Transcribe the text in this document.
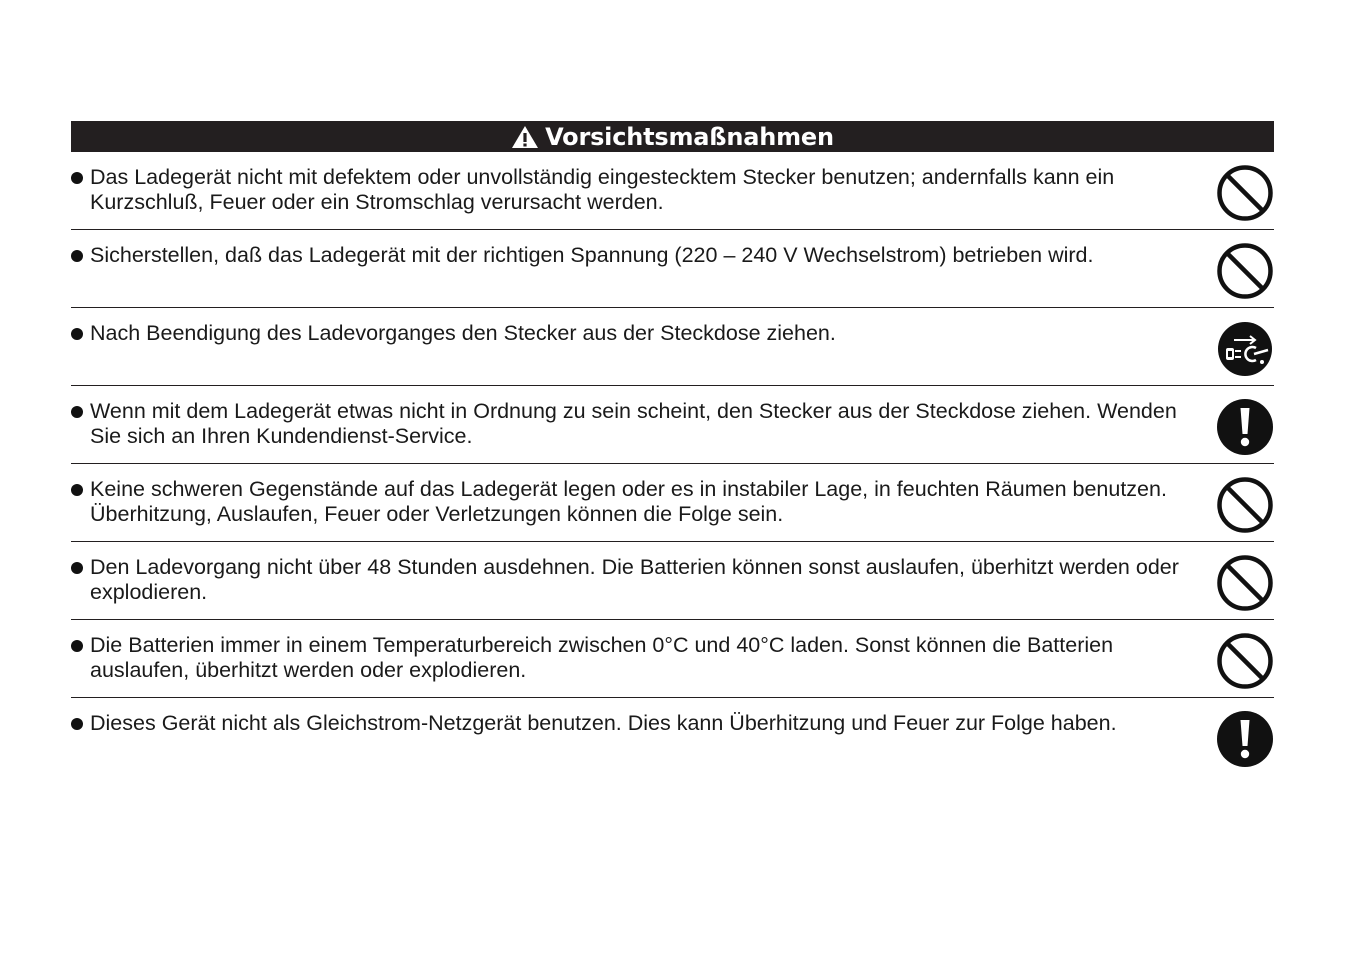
Vorsichtsmaßnahmen
Das Ladegerät nicht mit defektem oder unvollständig eingestecktem Stecker benutzen; andernfalls kann ein Kurzschluß, Feuer oder ein Stromschlag verursacht werden.
Sicherstellen, daß das Ladegerät mit der richtigen Spannung (220 – 240 V Wechselstrom) betrieben wird.
Nach Beendigung des Ladevorganges den Stecker aus der Steckdose ziehen.
Wenn mit dem Ladegerät etwas nicht in Ordnung zu sein scheint, den Stecker aus der Steckdose ziehen. Wenden Sie sich an Ihren Kundendienst-Service.
Keine schweren Gegenstände auf das Ladegerät legen oder es in instabiler Lage, in feuchten Räumen benutzen. Überhitzung, Auslaufen, Feuer oder Verletzungen können die Folge sein.
Den Ladevorgang nicht über 48 Stunden ausdehnen. Die Batterien können sonst auslaufen, überhitzt werden oder explodieren.
Die Batterien immer in einem Temperaturbereich zwischen 0°C und 40°C laden. Sonst können die Batterien auslaufen, überhitzt werden oder explodieren.
Dieses Gerät nicht als Gleichstrom-Netzgerät benutzen. Dies kann Überhitzung und Feuer zur Folge haben.
